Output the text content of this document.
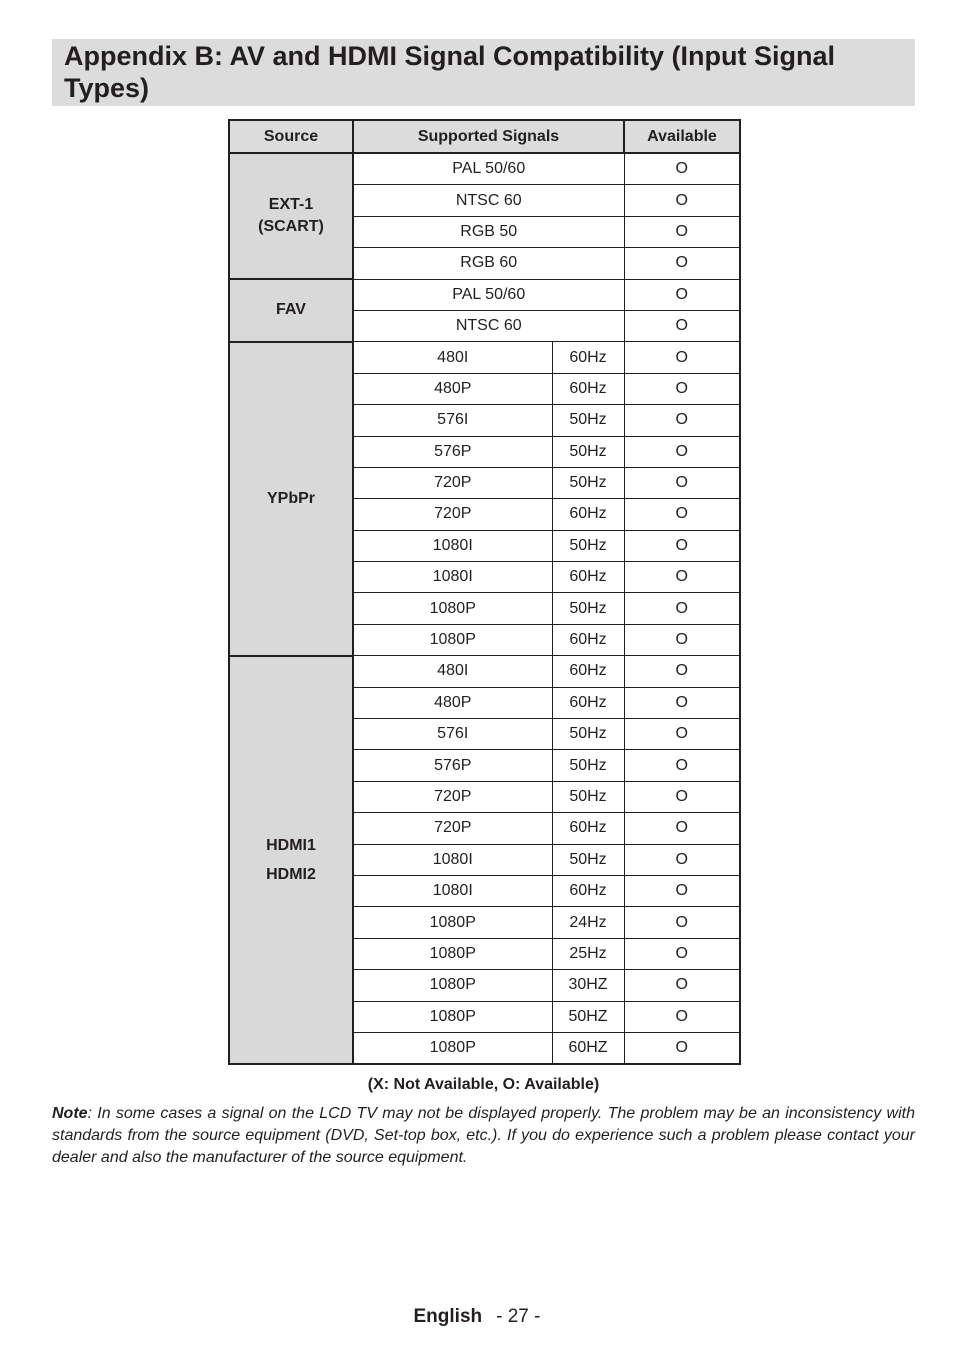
Appendix B: AV and HDMI Signal Compatibility (Input Signal Types)
Source	Supported Signals		Available

EXT-1
(SCART)	PAL 50/60		O
	NTSC 60		O
	RGB 50		O
	RGB 60		O

FAV	PAL 50/60		O
	NTSC 60		O

YPbPr	480I	60Hz	O
	480P	60Hz	O
	576I	50Hz	O
	576P	50Hz	O
	720P	50Hz	O
	720P	60Hz	O
	1080I	50Hz	O
	1080I	60Hz	O
	1080P	50Hz	O
	1080P	60Hz	O

HDMI1
HDMI2	480I	60Hz	O
	480P	60Hz	O
	576I	50Hz	O
	576P	50Hz	O
	720P	50Hz	O
	720P	60Hz	O
	1080I	50Hz	O
	1080I	60Hz	O
	1080P	24Hz	O
	1080P	25Hz	O
	1080P	30HZ	O
	1080P	50HZ	O
	1080P	60HZ	O
(X: Not Available, O: Available)

Note: In some cases a signal on the LCD TV may not be displayed properly. The problem may be an inconsistency with standards from the source equipment (DVD, Set-top box, etc.). If you do experience such a problem please contact your dealer and also the manufacturer of the source equipment.

English - 27 -
